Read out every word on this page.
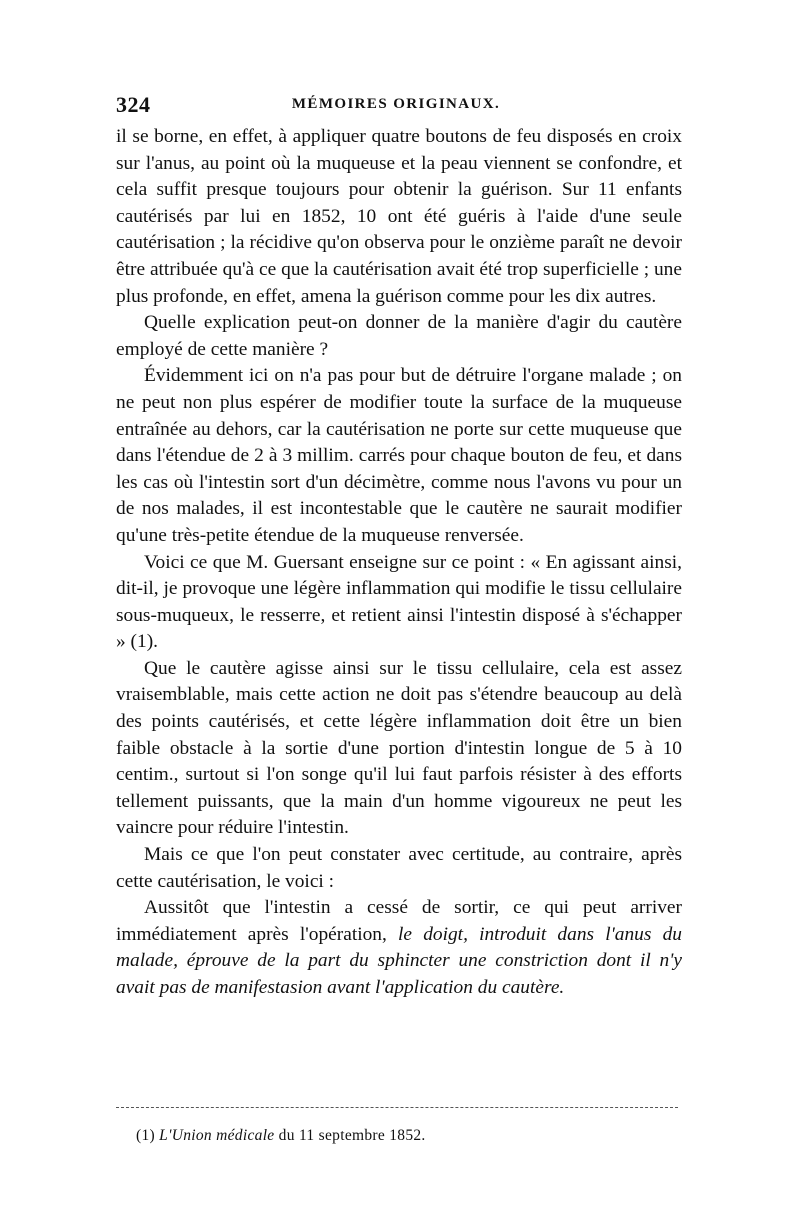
324	MÉMOIRES ORIGINAUX.

il se borne, en effet, à appliquer quatre boutons de feu disposés en croix sur l'anus, au point où la muqueuse et la peau viennent se confondre, et cela suffit presque toujours pour obtenir la guérison. Sur 11 enfants cautérisés par lui en 1852, 10 ont été guéris à l'aide d'une seule cautérisation ; la récidive qu'on observa pour le onzième paraît ne devoir être attribuée qu'à ce que la cautérisation avait été trop superficielle ; une plus profonde, en effet, amena la guérison comme pour les dix autres.

Quelle explication peut-on donner de la manière d'agir du cautère employé de cette manière ?

Évidemment ici on n'a pas pour but de détruire l'organe malade ; on ne peut non plus espérer de modifier toute la surface de la muqueuse entraînée au dehors, car la cautérisation ne porte sur cette muqueuse que dans l'étendue de 2 à 3 millim. carrés pour chaque bouton de feu, et dans les cas où l'intestin sort d'un décimètre, comme nous l'avons vu pour un de nos malades, il est incontestable que le cautère ne saurait modifier qu'une très-petite étendue de la muqueuse renversée.

Voici ce que M. Guersant enseigne sur ce point : « En agissant ainsi, dit-il, je provoque une légère inflammation qui modifie le tissu cellulaire sous-muqueux, le resserre, et retient ainsi l'intestin disposé à s'échapper » (1).

Que le cautère agisse ainsi sur le tissu cellulaire, cela est assez vraisemblable, mais cette action ne doit pas s'étendre beaucoup au delà des points cautérisés, et cette légère inflammation doit être un bien faible obstacle à la sortie d'une portion d'intestin longue de 5 à 10 centim., surtout si l'on songe qu'il lui faut parfois résister à des efforts tellement puissants, que la main d'un homme vigoureux ne peut les vaincre pour réduire l'intestin.

Mais ce que l'on peut constater avec certitude, au contraire, après cette cautérisation, le voici :

Aussitôt que l'intestin a cessé de sortir, ce qui peut arriver immédiatement après l'opération, le doigt, introduit dans l'anus du malade, éprouve de la part du sphincter une constriction dont il n'y avait pas de manifestasion avant l'application du cautère.

(1) L'Union médicale du 11 septembre 1852.
